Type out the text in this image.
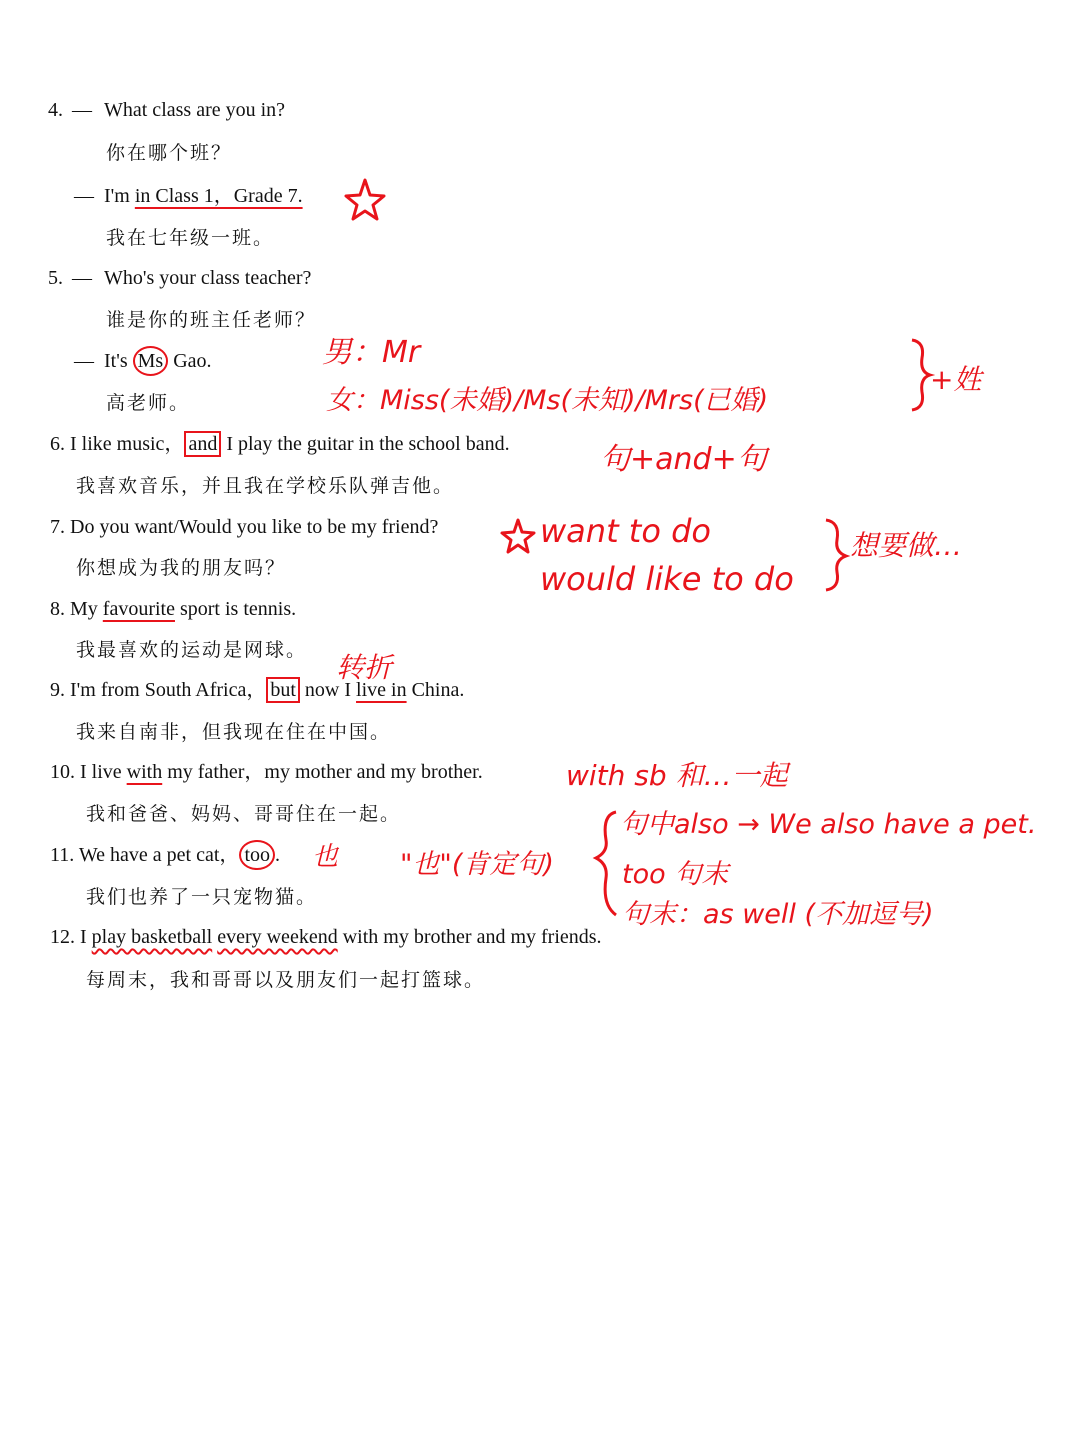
4. — What class are you in?
你在哪个班？
— I'm in Class 1，Grade 7.
我在七年级一班。
5. — Who's your class teacher?
谁是你的班主任老师？
— It's Ms Gao.
高老师。
6. I like music， and I play the guitar in the school band.
我喜欢音乐，并且我在学校乐队弹吉他。
7. Do you want/Would you like to be my friend?
你想成为我的朋友吗？
8. My favourite sport is tennis.
我最喜欢的运动是网球。
9. I'm from South Africa， but now I live in China.
我来自南非，但我现在住在中国。
10. I live with my father，my mother and my brother.
我和爸爸、妈妈、哥哥住在一起。
11. We have a pet cat， too .
我们也养了一只宠物猫。
12. I play basketball every weekend with my brother and my friends.
每周末，我和哥哥以及朋友们一起打篮球。
男：Mr
女：Miss(未婚)/Ms(未知)/Mrs(已婚)
+姓
句+and+句
want to do
would like to do
想要做…
转折
with sb 和…一起
也 "也"(肯定句)
句中also → We also have a pet.
too 句末
句末：as well (不加逗号)
